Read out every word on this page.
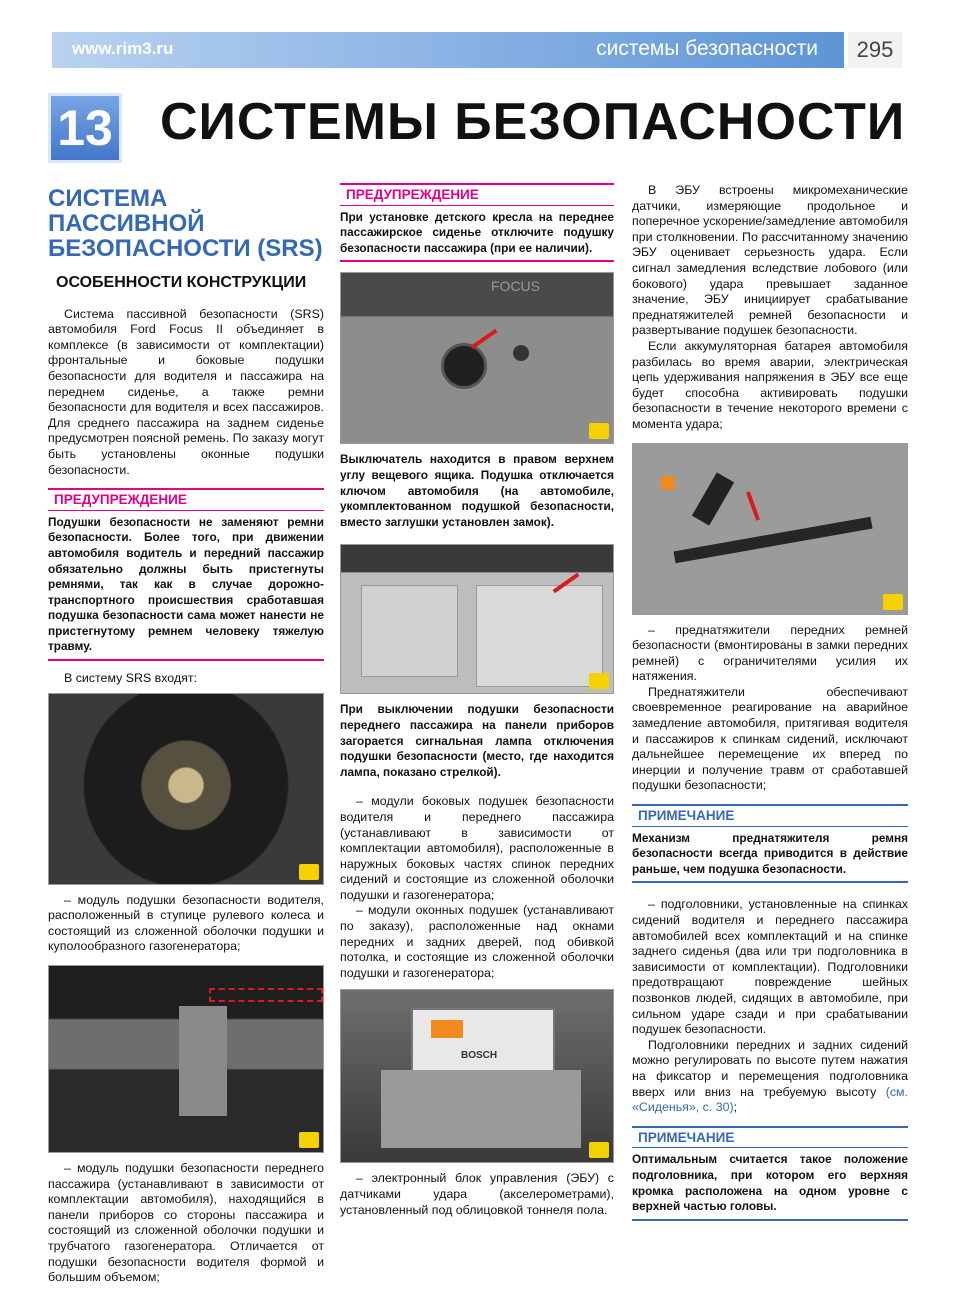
www.rim3.ru	системы безопасности	295
13 СИСТЕМЫ БЕЗОПАСНОСТИ
СИСТЕМА ПАССИВНОЙ БЕЗОПАСНОСТИ (SRS)
ОСОБЕННОСТИ КОНСТРУКЦИИ

Система пассивной безопасности (SRS) автомобиля Ford Focus II объединяет в комплексе (в зависимости от комплектации) фронтальные и боковые подушки безопасности для водителя и пассажира на переднем сиденье, а также ремни безопасности для водителя и всех пассажиров. Для среднего пассажира на заднем сиденье предусмотрен поясной ремень. По заказу могут быть установлены оконные подушки безопасности.

ПРЕДУПРЕЖДЕНИЕ

Подушки безопасности не заменяют ремни безопасности. Более того, при движении автомобиля водитель и передний пассажир обязательно должны быть пристегнуты ремнями, так как в случае дорожно-транспортного происшествия сработавшая подушка безопасности сама может нанести не пристегнутому ремнем человеку тяжелую травму.

В систему SRS входят:

– модуль подушки безопасности водителя, расположенный в ступице рулевого колеса и состоящий из сложенной оболочки подушки и куполообразного газогенератора;

– модуль подушки безопасности переднего пассажира (устанавливают в зависимости от комплектации автомобиля), находящийся в панели приборов со стороны пассажира и состоящий из сложенной оболочки подушки и трубчатого газогенератора. Отличается от подушки безопасности водителя формой и большим объемом;

ПРЕДУПРЕЖДЕНИЕ

При установке детского кресла на переднее пассажирское сиденье отключите подушку безопасности пассажира (при ее наличии).

FOCUS

Выключатель находится в правом верхнем углу вещевого ящика. Подушка отключается ключом автомобиля (на автомобиле, укомплектованном подушкой безопасности, вместо заглушки установлен замок).

При выключении подушки безопасности переднего пассажира на панели приборов загорается сигнальная лампа отключения подушки безопасности (место, где находится лампа, показано стрелкой).

– модули боковых подушек безопасности водителя и переднего пассажира (устанавливают в зависимости от комплектации автомобиля), расположенные в наружных боковых частях спинок передних сидений и состоящие из сложенной оболочки подушки и газогенератора;

– модули оконных подушек (устанавливают по заказу), расположенные над окнами передних и задних дверей, под обивкой потолка, и состоящие из сложенной оболочки подушки и газогенератора;

BOSCH

– электронный блок управления (ЭБУ) с датчиками удара (акселерометрами), установленный под облицовкой тоннеля пола.

В ЭБУ встроены микромеханические датчики, измеряющие продольное и поперечное ускорение/замедление автомобиля при столкновении. По рассчитанному значению ЭБУ оценивает серьезность удара. Если сигнал замедления вследствие лобового (или бокового) удара превышает заданное значение, ЭБУ инициирует срабатывание преднатяжителей ремней безопасности и развертывание подушек безопасности.

Если аккумуляторная батарея автомобиля разбилась во время аварии, электрическая цепь удерживания напряжения в ЭБУ все еще будет способна активировать подушки безопасности в течение некоторого времени с момента удара;

– преднатяжители передних ремней безопасности (вмонтированы в замки передних ремней) с ограничителями усилия их натяжения.

Преднатяжители обеспечивают своевременное реагирование на аварийное замедление автомобиля, притягивая водителя и пассажиров к спинкам сидений, исключают дальнейшее перемещение их вперед по инерции и получение травм от сработавшей подушки безопасности;

ПРИМЕЧАНИЕ

Механизм преднатяжителя ремня безопасности всегда приводится в действие раньше, чем подушка безопасности.

– подголовники, установленные на спинках сидений водителя и переднего пассажира автомобилей всех комплектаций и на спинке заднего сиденья (два или три подголовника в зависимости от комплектации). Подголовники предотвращают повреждение шейных позвонков людей, сидящих в автомобиле, при сильном ударе сзади и при срабатывании подушек безопасности.

Подголовники передних и задних сидений можно регулировать по высоте путем нажатия на фиксатор и перемещения подголовника вверх или вниз на требуемую высоту (см. «Сиденья», с. 30);

ПРИМЕЧАНИЕ

Оптимальным считается такое положение подголовника, при котором его верхняя кромка расположена на одном уровне с верхней частью головы.
